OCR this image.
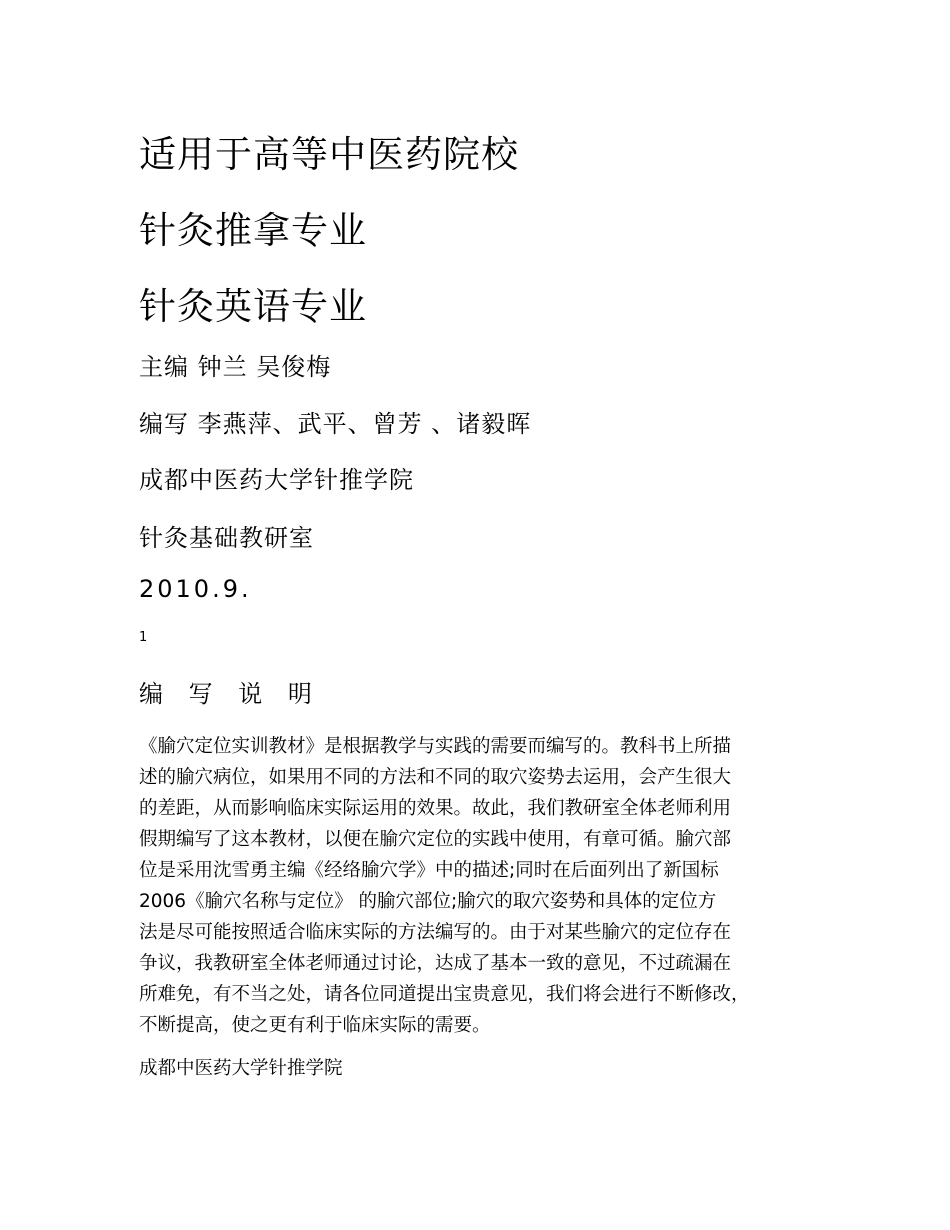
适用于高等中医药院校
针灸推拿专业
针灸英语专业
主编 钟兰 吴俊梅
编写 李燕萍、武平、曾芳 、诸毅晖
成都中医药大学针推学院
针灸基础教研室
2010.9.
1
编 写 说 明
《腧穴定位实训教材》是根据教学与实践的需要而编写的。教科书上所描
述的腧穴病位，如果用不同的方法和不同的取穴姿势去运用，会产生很大
的差距，从而影响临床实际运用的效果。故此，我们教研室全体老师利用
假期编写了这本教材，以便在腧穴定位的实践中使用，有章可循。腧穴部
位是采用沈雪勇主编《经络腧穴学》中的描述;同时在后面列出了新国标
2006《腧穴名称与定位》 的腧穴部位;腧穴的取穴姿势和具体的定位方
法是尽可能按照适合临床实际的方法编写的。由于对某些腧穴的定位存在
争议，我教研室全体老师通过讨论，达成了基本一致的意见，不过疏漏在
所难免，有不当之处，请各位同道提出宝贵意见，我们将会进行不断修改，
不断提高，使之更有利于临床实际的需要。
成都中医药大学针推学院
